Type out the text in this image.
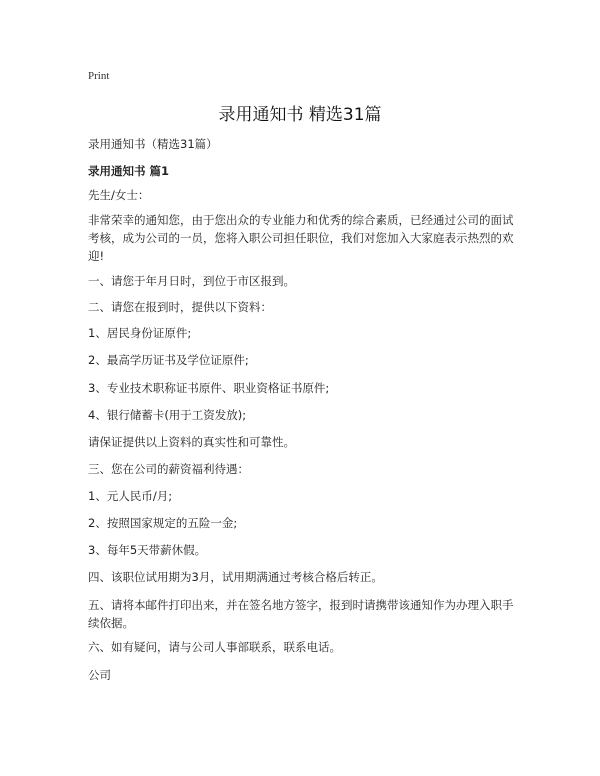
Print
录用通知书 精选31篇
录用通知书（精选31篇）
录用通知书 篇1

先生/女士：

非常荣幸的通知您，由于您出众的专业能力和优秀的综合素质，已经通过公司的面试考核，成为公司的一员，您将入职公司担任职位，我们对您加入大家庭表示热烈的欢迎!

一、请您于年月日时，到位于市区报到。

二、请您在报到时，提供以下资料：

1、居民身份证原件;

2、最高学历证书及学位证原件;

3、专业技术职称证书原件、职业资格证书原件;

4、银行储蓄卡(用于工资发放);

请保证提供以上资料的真实性和可靠性。

三、您在公司的薪资福利待遇：

1、元人民币/月;

2、按照国家规定的五险一金;

3、每年5天带薪休假。

四、该职位试用期为3月，试用期满通过考核合格后转正。

五、请将本邮件打印出来，并在签名地方签字，报到时请携带该通知作为办理入职手续依据。

六、如有疑问，请与公司人事部联系，联系电话。

公司
